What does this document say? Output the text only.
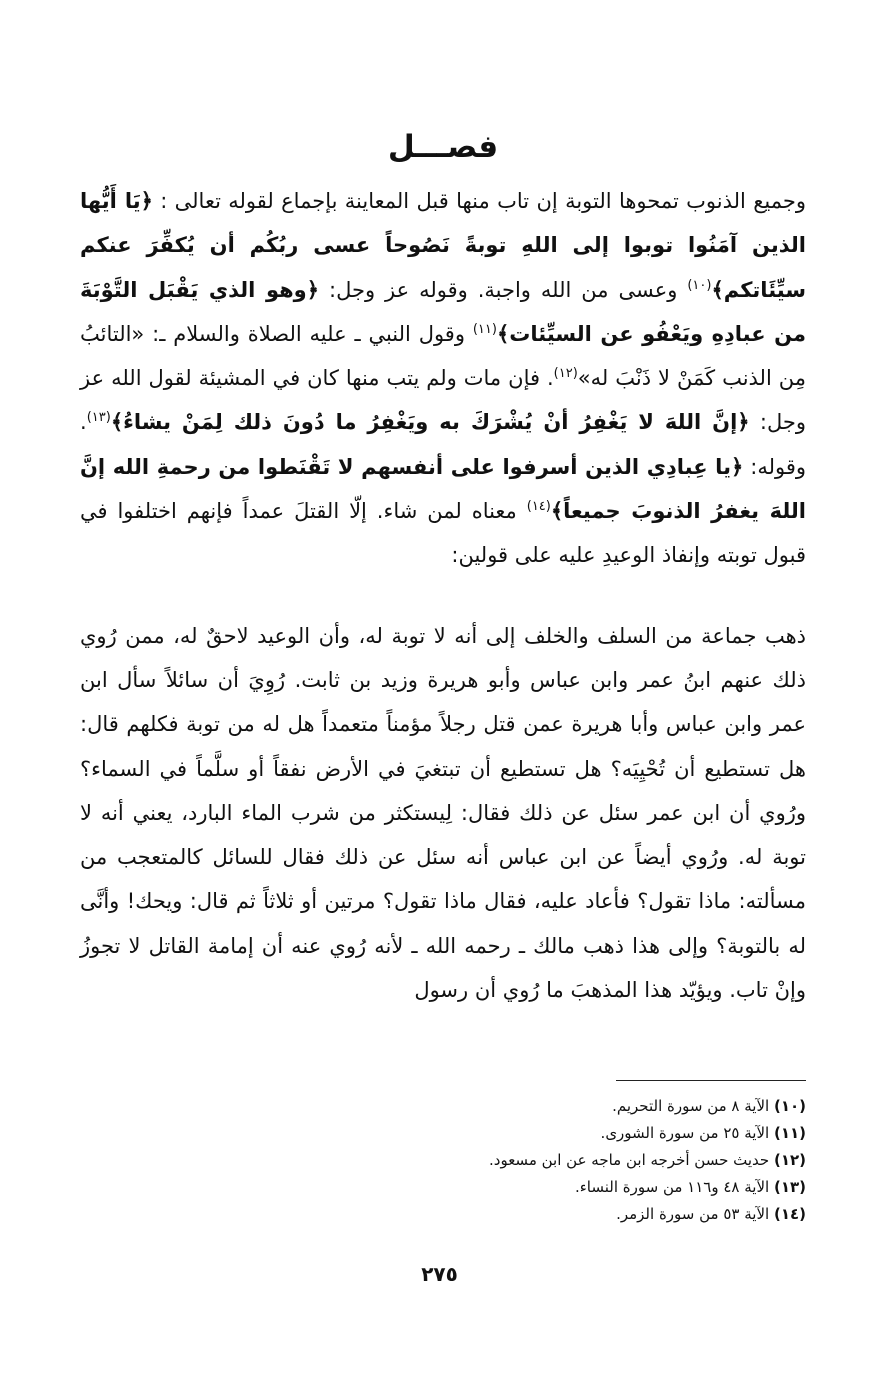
فصـــل

وجميع الذنوب تمحوها التوبة إن تاب منها قبل المعاينة بإجماع لقوله تعالى : ﴿يَا أَيُّها الذين آمَنُوا توبوا إلى اللهِ توبةً نَصُوحاً عسى ربُكُم أن يُكفِّرَ عنكم سيِّئَاتكم﴾$^{(١٠)}$ وعسى من الله واجبة. وقوله عز وجل: ﴿وهو الذي يَقْبَل التَّوْبَةَ من عبادِهِ ويَعْفُو عن السيِّئات﴾$^{(١١)}$ وقول النبي ـ عليه الصلاة والسلام ـ: «التائبُ مِن الذنب كَمَنْ لا ذَنْبَ له»$^{(١٢)}$. فإن مات ولم يتب منها كان في المشيئة لقول الله عز وجل: ﴿إنَّ اللهَ لا يَغْفِرُ أنْ يُشْرَكَ به ويَغْفِرُ ما دُونَ ذلك لِمَنْ يشاءُ﴾$^{(١٣)}$. وقوله: ﴿يا عِبادِي الذين أسرفوا على أنفسهم لا تَقْنَطوا من رحمةِ الله إنَّ اللهَ يغفرُ الذنوبَ جميعاً﴾$^{(١٤)}$ معناه لمن شاء. إلّا القتلَ عمداً فإنهم اختلفوا في قبول توبته وإنفاذ الوعيدِ عليه على قولين:

ذهب جماعة من السلف والخلف إلى أنه لا توبة له، وأن الوعيد لاحقٌ له، ممن رُوي ذلك عنهم ابنُ عمر وابن عباس وأبو هريرة وزيد بن ثابت. رُوِيَ أن سائلاً سأل ابن عمر وابن عباس وأبا هريرة عمن قتل رجلاً مؤمناً متعمداً هل له من توبة فكلهم قال: هل تستطيع أن تُحْيِيَه؟ هل تستطيع أن تبتغيَ في الأرض نفقاً أو سلَّماً في السماء؟ ورُوي أن ابن عمر سئل عن ذلك فقال: لِيستكثر من شرب الماء البارد، يعني أنه لا توبة له. ورُوي أيضاً عن ابن عباس أنه سئل عن ذلك فقال للسائل كالمتعجب من مسألته: ماذا تقول؟ فأعاد عليه، فقال ماذا تقول؟ مرتين أو ثلاثاً ثم قال: ويحك! وأنَّى له بالتوبة؟ وإلى هذا ذهب مالك ـ رحمه الله ـ لأنه رُوي عنه أن إمامة القاتل لا تجوزُ وإنْ تاب. ويؤيّد هذا المذهبَ ما رُوي أن رسول

(١٠) الآية ٨ من سورة التحريم.
(١١) الآية ٢٥ من سورة الشورى.
(١٢) حديث حسن أخرجه ابن ماجه عن ابن مسعود.
(١٣) الآية ٤٨ و١١٦ من سورة النساء.
(١٤) الآية ٥٣ من سورة الزمر.
٢٧٥
